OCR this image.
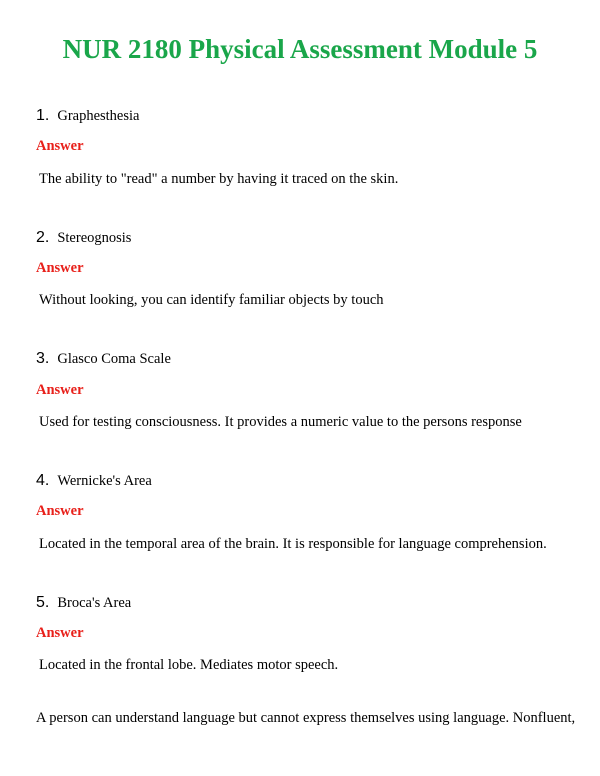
NUR 2180 Physical Assessment Module 5
1. Graphesthesia
Answer
The ability to "read" a number by having it traced on the skin.
2. Stereognosis
Answer
Without looking, you can identify familiar objects by touch
3. Glasco Coma Scale
Answer
Used for testing consciousness. It provides a numeric value to the persons response
4. Wernicke's Area
Answer
Located in the temporal area of the brain. It is responsible for language comprehension.
5. Broca's Area
Answer
Located in the frontal lobe. Mediates motor speech.
A person can understand language but cannot express themselves using language. Nonfluent,
